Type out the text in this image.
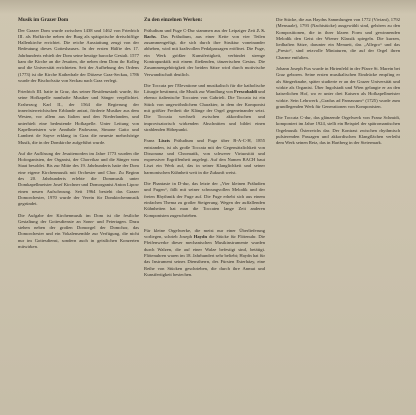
Musik im Grazer Dom

Der Grazer Dom wurde zwischen 1438 und 1462 von Friedrich III. als Hofkirche neben der Burg als spätgotische dreischiffige Hallenkirche errichtet. Die reiche Ausstattung zeugt von der Bedeutung dieses Gotteshauses. In der ersten Hälfte des 17. Jahrhunderts erhielt der Dom seine heutige barocke Gestalt. 1577 kam die Kirche an die Jesuiten, die neben dem Dom ihr Kolleg und die Universität errichteten. Seit der Aufhebung des Ordens (1773) ist die Kirche Kathedrale der Diözese Graz-Seckau, 1786 wurde der Bischofssitz von Seckau nach Graz verlegt.

Friedrich III. hatte in Graz, das seiner Residenzstadt wurde, für seine Hofkapelle namhafte Musiker und Sänger verpflichtet. Erzherzog Karl II., der 1564 die Regierung der innerösterreichischen Erblande antrat, förderte Musiker aus dem Westen, vor allem aus Italien und den Niederlanden, und unterhielt eine bedeutende Hofkapelle. Unter Leitung von Kapellmeistern wie Annibale Padovano, Simone Gatto und Lambert de Sayve erklang in Graz die neueste mehrchörige Musik, die in der Domkirche aufgeführt wurde.

Auf die Auflösung der Jesuitenorden im Jahre 1773 wurden die Hoforganisten, der Organist, der Chorvikar und die Sänger vom Staat besoldet. Bis zur Mitte des 19. Jahrhunderts hatte der Dom eine eigene Kirchenmusik mit Orchester und Chor. Zu Beginn des 20. Jahrhunderts erlebte die Dommusik unter Domkapellmeister Josef Kirchner und Domorganist Anton Lipow einen neuen Aufschwung. Seit 1964 besteht das Grazer Domorchester, 1970 wurde der Verein für Domkirchenmusik gegründet.

Die Aufgabe der Kirchenmusik im Dom ist die festliche Gestaltung der Gottesdienste an Sonn- und Feiertagen. Dazu stehen neben der großen Domorgel der Domchor, das Domorchester und ein Vokalensemble zur Verfügung, die nicht nur im Gottesdienst, sondern auch in geistlichen Konzerten mitwirken.

Zu den einzelnen Werken:

Präludium und Fuge C-Dur stammen aus der Leipziger Zeit J. S. Bachs. Das Präludium, aus einer Kette von vier Teilen zusammengefügt, die sich durch ihre Struktur voneinander abheben, wird mit kraftvollen Pedalpassagen eröffnet. Die Fuge, ein Werk größter Kunstfertigkeit, verbindet strenge Kontrapunktik mit einem fließenden, tänzerischen Gestus. Die Zusammengehörigkeit der beiden Sätze wird durch motivische Verwandtschaft deutlich.

Die Toccata per l'Elevatione und musikalisch für die katholische Liturgie bestimmt, die Musik zur Wandlung von Frescobaldi und ebenso italienische Toccaten von Gabrieli. Die Toccata ist ein Stück von ungewöhnlichem Charakter, in dem der Komponist mit größter Freiheit die Klänge der Orgel gegeneinander setzt. Die Toccata wechselt zwischen akkordischen und improvisatorisch wirkenden Abschnitten und bildet einen strahlenden Höhepunkt.

Franz Liszts Präludium und Fuge über B-A-C-H, 1855 entstanden, ist als große Toccata mit der Gegensätzlichkeit von Dissonanz und Chromatik, von schwerer Virtuosität und expressiver Ergriffenheit angelegt. Auf den Namen BACH baut Liszt ein Werk auf, das in seiner Klanglichkeit und seiner harmonischen Kühnheit weit in die Zukunft weist.

Die Phantasie in D-dur, das letzte der „Vier kleinen Präludien und Fugen“, fällt mit seiner schwungvollen Melodik und der freien Rhythmik der Fuge auf. Die Fuge erhebt sich aus einem einfachen Thema zu großer Steigerung. Wegen der auffallenden Kühnheiten hat man die Toccaten lange Zeit anderen Komponisten zugeschrieben.

Für kleine Orgelwerke, die meist nur einer Überlieferung vorliegen, schrieb Joseph Haydn die Stücke für Flötenuhr. Die Pfeifenwerke dieser mechanischen Musikinstrumente wurden durch Walzen, die auf einer Walze befestigt sind, betätigt. Flötenuhren waren im 18. Jahrhundert sehr beliebt; Haydn hat für das Instrument seines Dienstherrn, des Fürsten Esterházy, eine Reihe von Stücken geschrieben, die durch ihre Anmut und Kunstfertigkeit bestechen.

Die Stücke, die aus Haydns Sammlungen von 1772 (Viviani), 1792 (Mensuale), 1793 (Nachtstücke) ausgewählt sind, gehören zu den Kompositionen, die in ihrer klaren Form und gewinnenden Melodik den Geist der Wiener Klassik spiegeln. Die kurzen, liedhaften Sätze, darunter ein Menuett, das „Allegro“ und das „Presto“, sind reizvolle Miniaturen, die auf der Orgel ihren Charme entfalten.

Johann Joseph Fux wurde in Hirtenfeld in der Pfarre St. Marein bei Graz geboren. Seine ersten musikalischen Eindrücke empfing er als Sängerknabe, später studierte er an der Grazer Universität und wirkte als Organist. Über Ingolstadt und Wien gelangte er an den kaiserlichen Hof, wo er unter drei Kaisern als Hofkapellmeister wirkte. Sein Lehrwerk „Gradus ad Parnassum“ (1725) wurde zum grundlegenden Werk für Generationen von Komponisten.

Die Toccata C-dur, das glänzende Orgelwerk von Franz Schmidt, komponiert im Jahre 1924, stellt ein Beispiel der spätromantischen Orgelmusik Österreichs dar. Der Kontrast zwischen rhythmisch pulsierenden Passagen und akkordischen Klangflächen verleiht dem Werk seinen Reiz, das in Hartberg in der Steiermark.
